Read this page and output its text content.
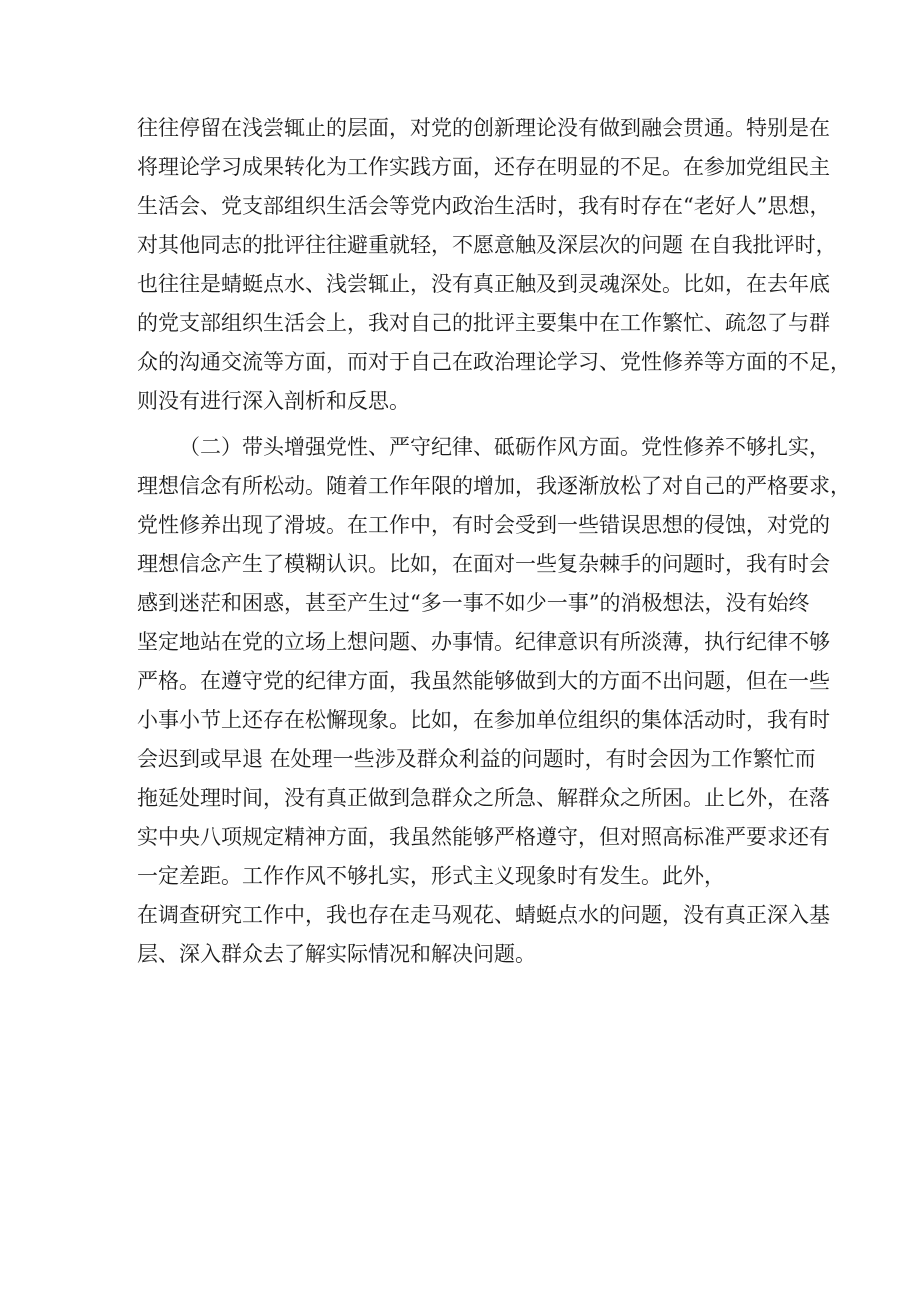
往往停留在浅尝辄止的层面，对党的创新理论没有做到融会贯通。特别是在
将理论学习成果转化为工作实践方面，还存在明显的不足。在参加党组民主
生活会、党支部组织生活会等党内政治生活时，我有时存在“老好人”思想，
对其他同志的批评往往避重就轻，不愿意触及深层次的问题 在自我批评时，
也往往是蜻蜓点水、浅尝辄止，没有真正触及到灵魂深处。比如，在去年底
的党支部组织生活会上，我对自己的批评主要集中在工作繁忙、疏忽了与群
众的沟通交流等方面，而对于自己在政治理论学习、党性修养等方面的不足，
则没有进行深入剖析和反思。
（二）带头增强党性、严守纪律、砥砺作风方面。党性修养不够扎实，
理想信念有所松动。随着工作年限的增加，我逐渐放松了对自己的严格要求，
党性修养出现了滑坡。在工作中，有时会受到一些错误思想的侵蚀，对党的
理想信念产生了模糊认识。比如，在面对一些复杂棘手的问题时，我有时会
感到迷茫和困惑，甚至产生过“多一事不如少一事”的消极想法，没有始终
坚定地站在党的立场上想问题、办事情。纪律意识有所淡薄，执行纪律不够
严格。在遵守党的纪律方面，我虽然能够做到大的方面不出问题，但在一些
小事小节上还存在松懈现象。比如，在参加单位组织的集体活动时，我有时
会迟到或早退 在处理一些涉及群众利益的问题时，有时会因为工作繁忙而
拖延处理时间，没有真正做到急群众之所急、解群众之所困。止匕外，在落
实中央八项规定精神方面，我虽然能够严格遵守，但对照高标准严要求还有
一定差距。工作作风不够扎实，形式主义现象时有发生。此外，
在调查研究工作中，我也存在走马观花、蜻蜓点水的问题，没有真正深入基
层、深入群众去了解实际情况和解决问题。
